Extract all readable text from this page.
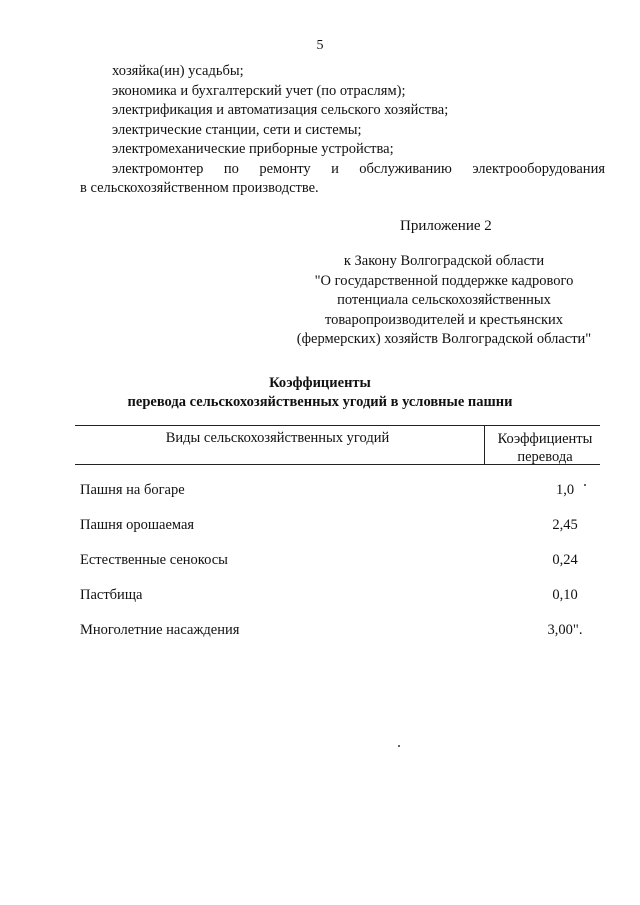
5
хозяйка(ин) усадьбы;
экономика и бухгалтерский учет (по отраслям);
электрификация и автоматизация сельского хозяйства;
электрические станции, сети и системы;
электромеханические приборные устройства;
электромонтер по ремонту и обслуживанию электрооборудования
в сельскохозяйственном производстве.
Приложение 2
к Закону Волгоградской области
"О государственной поддержке кадрового
потенциала сельскохозяйственных
товаропроизводителей и крестьянских
(фермерских) хозяйств Волгоградской области"
Коэффициенты
перевода сельскохозяйственных угодий в условные пашни
Виды сельскохозяйственных угодий	Коэффициенты
перевода
Пашня на богаре	1,0
Пашня орошаемая	2,45
Естественные сенокосы	0,24
Пастбища	0,10
Многолетние насаждения	3,00".
